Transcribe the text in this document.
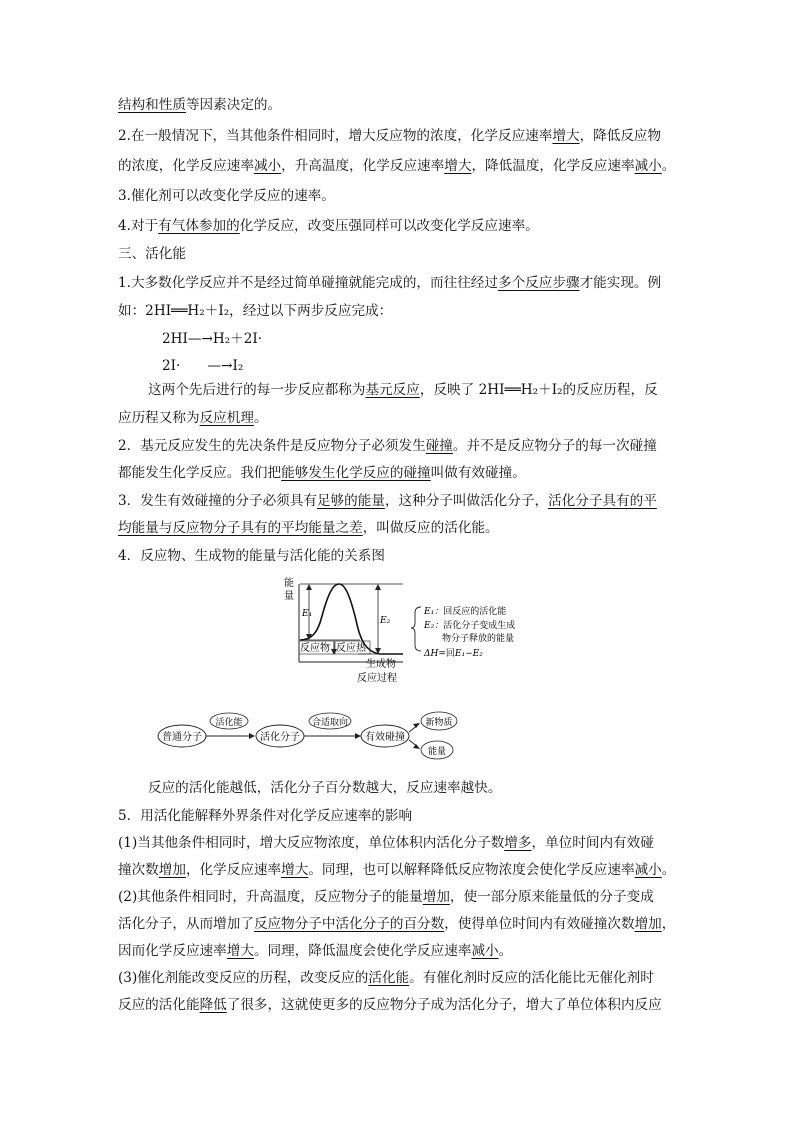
结构和性质等因素决定的。
2.在一般情况下，当其他条件相同时，增大反应物的浓度，化学反应速率增大，降低反应物
的浓度，化学反应速率减小，升高温度，化学反应速率增大，降低温度，化学反应速率减小。
3.催化剂可以改变化学反应的速率。
4.对于有气体参加的化学反应，改变压强同样可以改变化学反应速率。
三、活化能
1.大多数化学反应并不是经过简单碰撞就能完成的，而往往经过多个反应步骤才能实现。例
如：2HI══H₂＋I₂，经过以下两步反应完成：
2HI—→H₂＋2I·
2I·　　—→I₂
这两个先后进行的每一步反应都称为基元反应，反映了 2HI══H₂＋I₂的反应历程，反
应历程又称为反应机理。
2．基元反应发生的先决条件是反应物分子必须发生碰撞。并不是反应物分子的每一次碰撞
都能发生化学反应。我们把能够发生化学反应的碰撞叫做有效碰撞。
3．发生有效碰撞的分子必须具有足够的能量，这种分子叫做活化分子，活化分子具有的平
均能量与反应物分子具有的平均能量之差，叫做反应的活化能。
4．反应物、生成物的能量与活化能的关系图
反应的活化能越低，活化分子百分数越大，反应速率越快。
5．用活化能解释外界条件对化学反应速率的影响
(1)当其他条件相同时，增大反应物浓度，单位体积内活化分子数增多，单位时间内有效碰
撞次数增加，化学反应速率增大。同理，也可以解释降低反应物浓度会使化学反应速率减小。
(2)其他条件相同时，升高温度，反应物分子的能量增加，使一部分原来能量低的分子变成
活化分子，从而增加了反应物分子中活化分子的百分数，使得单位时间内有效碰撞次数增加，
因而化学反应速率增大。同理，降低温度会使化学反应速率减小。
(3)催化剂能改变反应的历程，改变反应的活化能。有催化剂时反应的活化能比无催化剂时
反应的活化能降低了很多，这就使更多的反应物分子成为活化分子，增大了单位体积内反应
能
量
E₁
E₂
反应物 反应热
生成物
反应过程
E₁：回反应的活化能
E₂：活化分子变成生成
物分子释放的能量
ΔH=回E₁−E₂
普通分子
活化能
活化分子
合适取向
有效碰撞
新物质
能量
